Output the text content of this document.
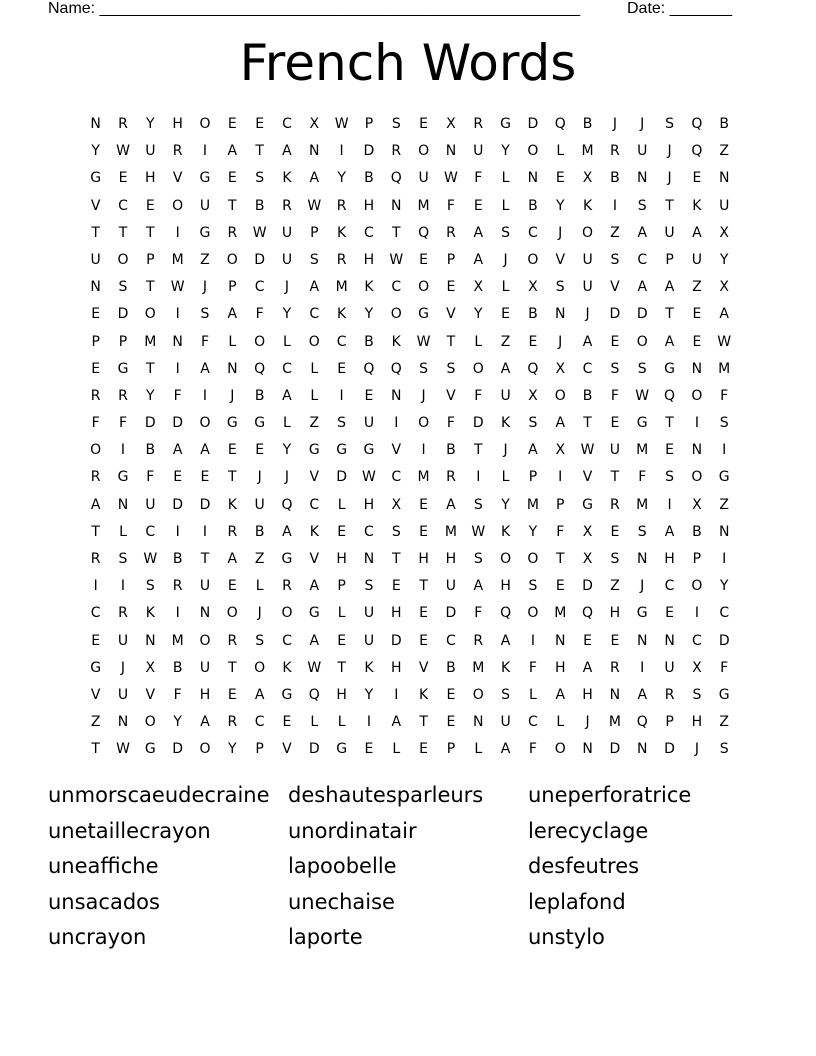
Name: ______________________________________________________	Date: _______
French Words
N	R	Y	H	O	E	E	C	X	W	P	S	E	X	R	G	D	Q	B	J	J	S	Q	B
Y	W	U	R	I	A	T	A	N	I	D	R	O	N	U	Y	O	L	M	R	U	J	Q	Z
G	E	H	V	G	E	S	K	A	Y	B	Q	U	W	F	L	N	E	X	B	N	J	E	N
V	C	E	O	U	T	B	R	W	R	H	N	M	F	E	L	B	Y	K	I	S	T	K	U
T	T	T	I	G	R	W	U	P	K	C	T	Q	R	A	S	C	J	O	Z	A	U	A	X
U	O	P	M	Z	O	D	U	S	R	H	W	E	P	A	J	O	V	U	S	C	P	U	Y
N	S	T	W	J	P	C	J	A	M	K	C	O	E	X	L	X	S	U	V	A	A	Z	X
E	D	O	I	S	A	F	Y	C	K	Y	O	G	V	Y	E	B	N	J	D	D	T	E	A
P	P	M	N	F	L	O	L	O	C	B	K	W	T	L	Z	E	J	A	E	O	A	E	W
E	G	T	I	A	N	Q	C	L	E	Q	Q	S	S	O	A	Q	X	C	S	S	G	N	M
R	R	Y	F	I	J	B	A	L	I	E	N	J	V	F	U	X	O	B	F	W	Q	O	F
F	F	D	D	O	G	G	L	Z	S	U	I	O	F	D	K	S	A	T	E	G	T	I	S
O	I	B	A	A	E	E	Y	G	G	G	V	I	B	T	J	A	X	W	U	M	E	N	I
R	G	F	E	E	T	J	J	V	D	W	C	M	R	I	L	P	I	V	T	F	S	O	G
A	N	U	D	D	K	U	Q	C	L	H	X	E	A	S	Y	M	P	G	R	M	I	X	Z
T	L	C	I	I	R	B	A	K	E	C	S	E	M	W	K	Y	F	X	E	S	A	B	N
R	S	W	B	T	A	Z	G	V	H	N	T	H	H	S	O	O	T	X	S	N	H	P	I
I	I	S	R	U	E	L	R	A	P	S	E	T	U	A	H	S	E	D	Z	J	C	O	Y
C	R	K	I	N	O	J	O	G	L	U	H	E	D	F	Q	O	M	Q	H	G	E	I	C
E	U	N	M	O	R	S	C	A	E	U	D	E	C	R	A	I	N	E	E	N	N	C	D
G	J	X	B	U	T	O	K	W	T	K	H	V	B	M	K	F	H	A	R	I	U	X	F
V	U	V	F	H	E	A	G	Q	H	Y	I	K	E	O	S	L	A	H	N	A	R	S	G
Z	N	O	Y	A	R	C	E	L	L	I	A	T	E	N	U	C	L	J	M	Q	P	H	Z
T	W	G	D	O	Y	P	V	D	G	E	L	E	P	L	A	F	O	N	D	N	D	J	S
unmorscaeudecraine deshautesparleurs uneperforatrice
unetaillecrayon	unordinatair	lerecyclage
uneaffiche	lapoobelle	desfeutres
unsacados	unechaise	leplafond
uncrayon	laporte	unstylo
